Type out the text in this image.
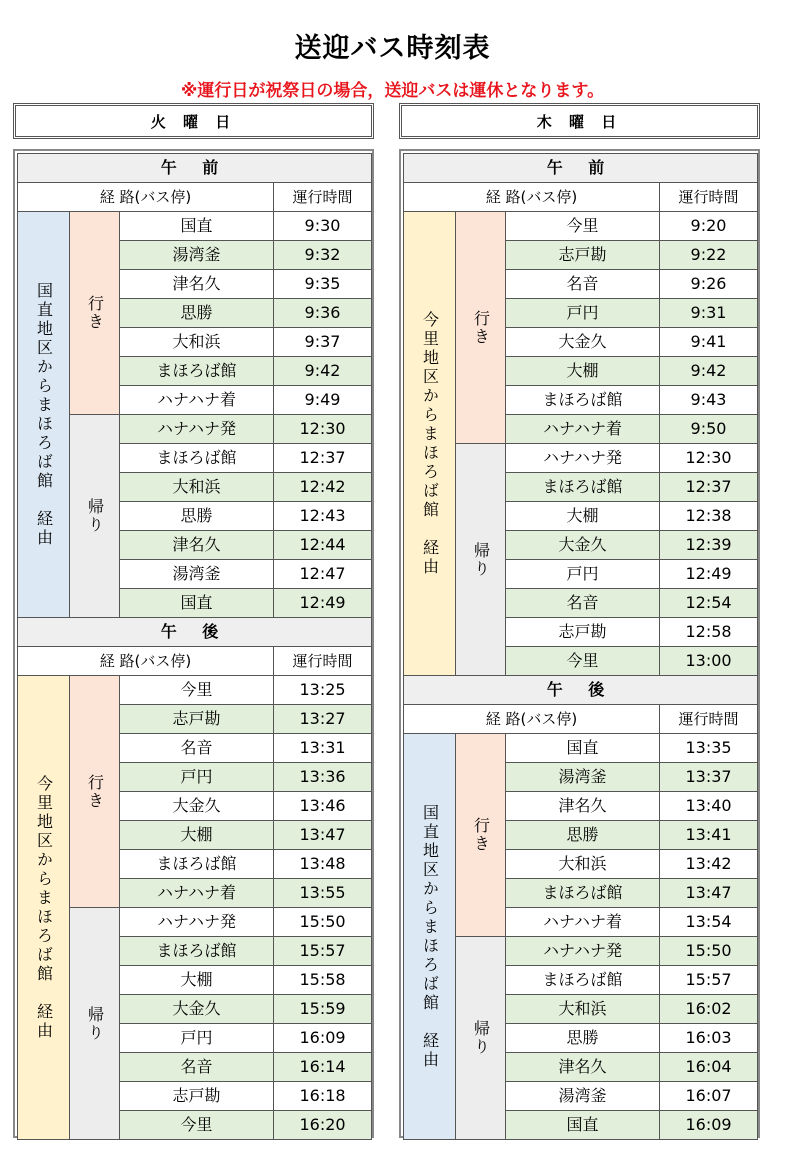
送迎バス時刻表
※運行日が祝祭日の場合，送迎バスは運休となります。
火 曜 日	木 曜 日
午 前			
経 路(バス停)			運行時間
国直地区からまほろば館　経由	行き	国直	9:30
		湯湾釜	9:32
		津名久	9:35
		思勝	9:36
		大和浜	9:37
		まほろば館	9:42
		ハナハナ着	9:49
	帰り	ハナハナ発	12:30
		まほろば館	12:37
		大和浜	12:42
		思勝	12:43
		津名久	12:44
		湯湾釜	12:47
		国直	12:49
午 後			
経 路(バス停)			運行時間
今里地区からまほろば館　経由	行き	今里	13:25
		志戸勘	13:27
		名音	13:31
		戸円	13:36
		大金久	13:46
		大棚	13:47
		まほろば館	13:48
		ハナハナ着	13:55
	帰り	ハナハナ発	15:50
		まほろば館	15:57
		大棚	15:58
		大金久	15:59
		戸円	16:09
		名音	16:14
		志戸勘	16:18
		今里	16:20
午 前			
経 路(バス停)			運行時間
今里地区からまほろば館　経由	行き	今里	9:20
		志戸勘	9:22
		名音	9:26
		戸円	9:31
		大金久	9:41
		大棚	9:42
		まほろば館	9:43
		ハナハナ着	9:50
	帰り	ハナハナ発	12:30
		まほろば館	12:37
		大棚	12:38
		大金久	12:39
		戸円	12:49
		名音	12:54
		志戸勘	12:58
		今里	13:00
午 後			
経 路(バス停)			運行時間
国直地区からまほろば館　経由	行き	国直	13:35
		湯湾釜	13:37
		津名久	13:40
		思勝	13:41
		大和浜	13:42
		まほろば館	13:47
		ハナハナ着	13:54
	帰り	ハナハナ発	15:50
		まほろば館	15:57
		大和浜	16:02
		思勝	16:03
		津名久	16:04
		湯湾釜	16:07
		国直	16:09
